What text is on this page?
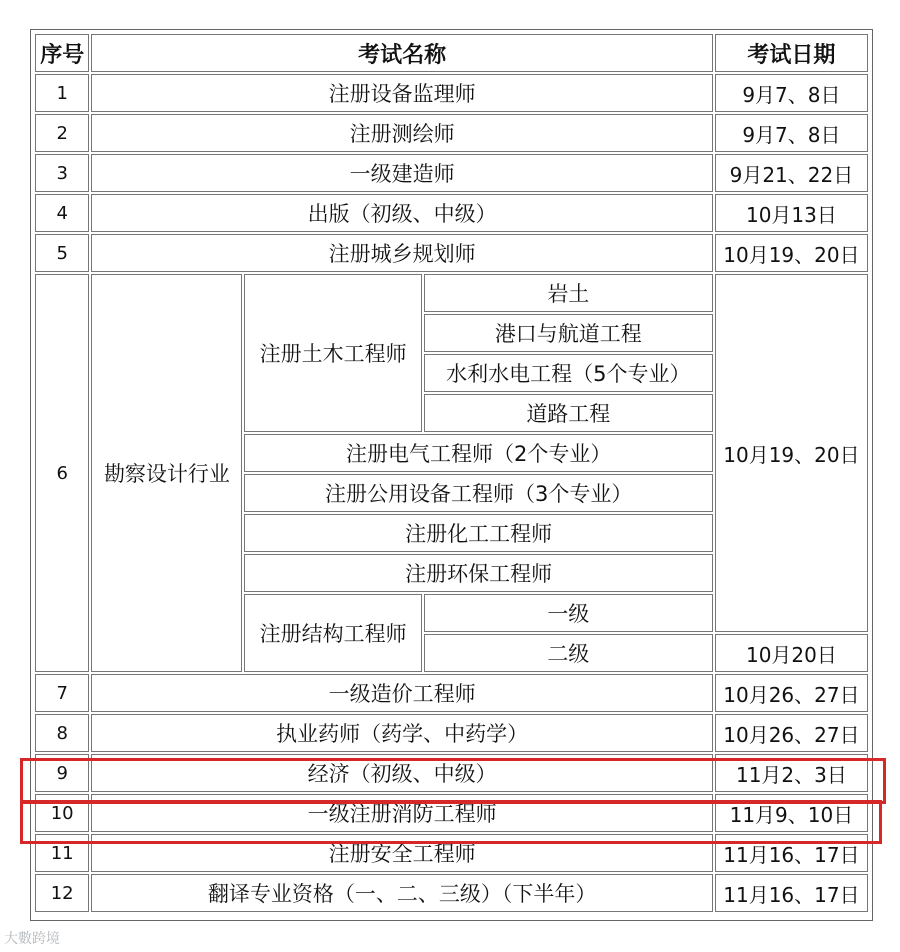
序号	考试名称			考试日期
1	注册设备监理师			9月7、8日
2	注册测绘师			9月7、8日
3	一级建造师			9月21、22日
4	出版（初级、中级）			10月13日
5	注册城乡规划师			10月19、20日
6	勘察设计行业	注册土木工程师	岩土	10月19、20日
			港口与航道工程	
			水利水电工程（5个专业）	
			道路工程	
		注册电气工程师（2个专业）		
		注册公用设备工程师（3个专业）		
		注册化工工程师		
		注册环保工程师		
		注册结构工程师	一级	
			二级	10月20日
7	一级造价工程师			10月26、27日
8	执业药师（药学、中药学）			10月26、27日
9	经济（初级、中级）			11月2、3日
10	一级注册消防工程师			11月9、10日
11	注册安全工程师			11月16、17日
12	翻译专业资格（一、二、三级）（下半年）			11月16、17日
大數跨境
